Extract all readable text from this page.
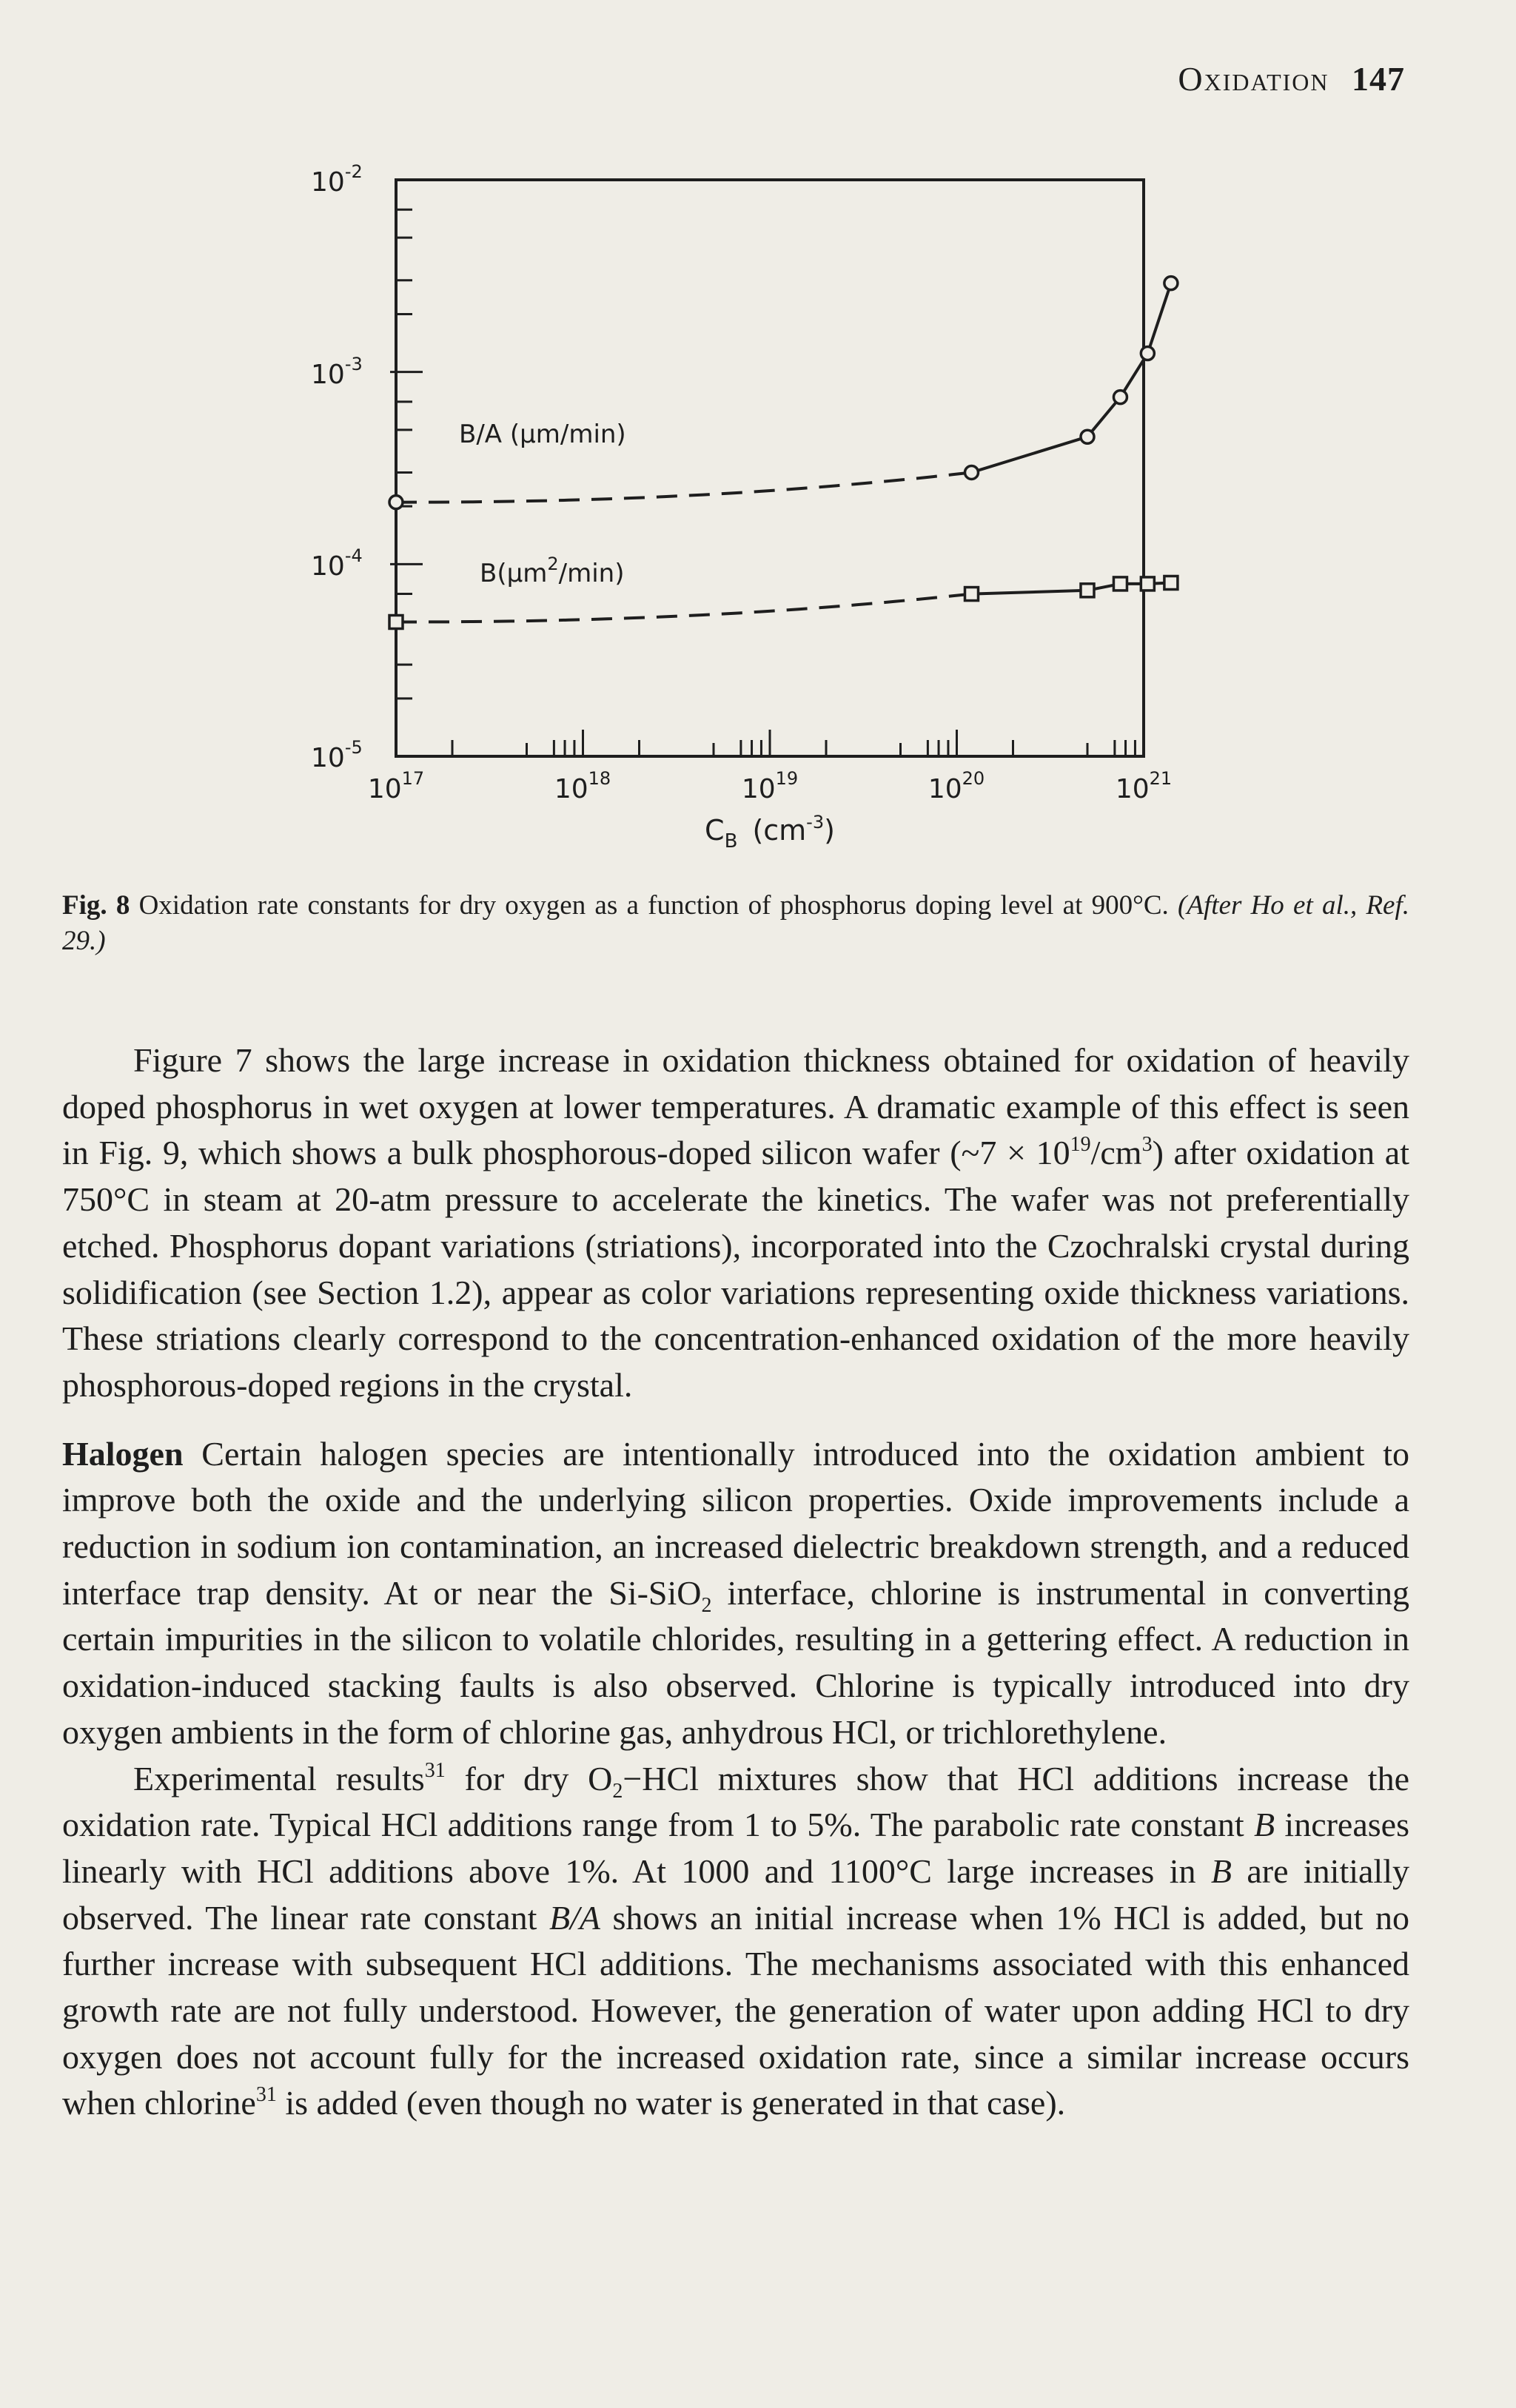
Oxidation 147
$10^{-2}$
$10^{-3}$
$10^{-4}$
$10^{-5}$
$10^{17}$	$10^{18}$	$10^{19}$	$10^{20}$	$10^{21}$
$C_B$ $(cm^{-3})$
B/A (µm/min)
B(µm$^2$/min)
Fig. 8 Oxidation rate constants for dry oxygen as a function of phosphorus doping level at 900°C. (After Ho et al., Ref. 29.)

Figure 7 shows the large increase in oxidation thickness obtained for oxidation of heavily doped phosphorus in wet oxygen at lower temperatures. A dramatic example of this effect is seen in Fig. 9, which shows a bulk phosphorous-doped silicon wafer (~7 × $10^{19}/cm^3$) after oxidation at 750°C in steam at 20-atm pressure to accelerate the kinetics. The wafer was not preferentially etched. Phosphorus dopant variations (striations), incorporated into the Czochralski crystal during solidification (see Section 1.2), appear as color variations representing oxide thickness variations. These striations clearly correspond to the concentration-enhanced oxidation of the more heavily phosphorous-doped regions in the crystal.

Halogen Certain halogen species are intentionally introduced into the oxidation ambient to improve both the oxide and the underlying silicon properties. Oxide improvements include a reduction in sodium ion contamination, an increased dielectric breakdown strength, and a reduced interface trap density. At or near the Si-SiO$_2$ interface, chlorine is instrumental in converting certain impurities in the silicon to volatile chlorides, resulting in a gettering effect. A reduction in oxidation-induced stacking faults is also observed. Chlorine is typically introduced into dry oxygen ambients in the form of chlorine gas, anhydrous HCl, or trichlorethylene.

Experimental results$^{31}$ for dry $O_2-HCl$ mixtures show that HCl additions increase the oxidation rate. Typical HCl additions range from 1 to 5%. The parabolic rate constant B increases linearly with HCl additions above 1%. At 1000 and 1100°C large increases in B are initially observed. The linear rate constant B/A shows an initial increase when 1% HCl is added, but no further increase with subsequent HCl additions. The mechanisms associated with this enhanced growth rate are not fully understood. However, the generation of water upon adding HCl to dry oxygen does not account fully for the increased oxidation rate, since a similar increase occurs when chlorine$^{31}$ is added (even though no water is generated in that case).
